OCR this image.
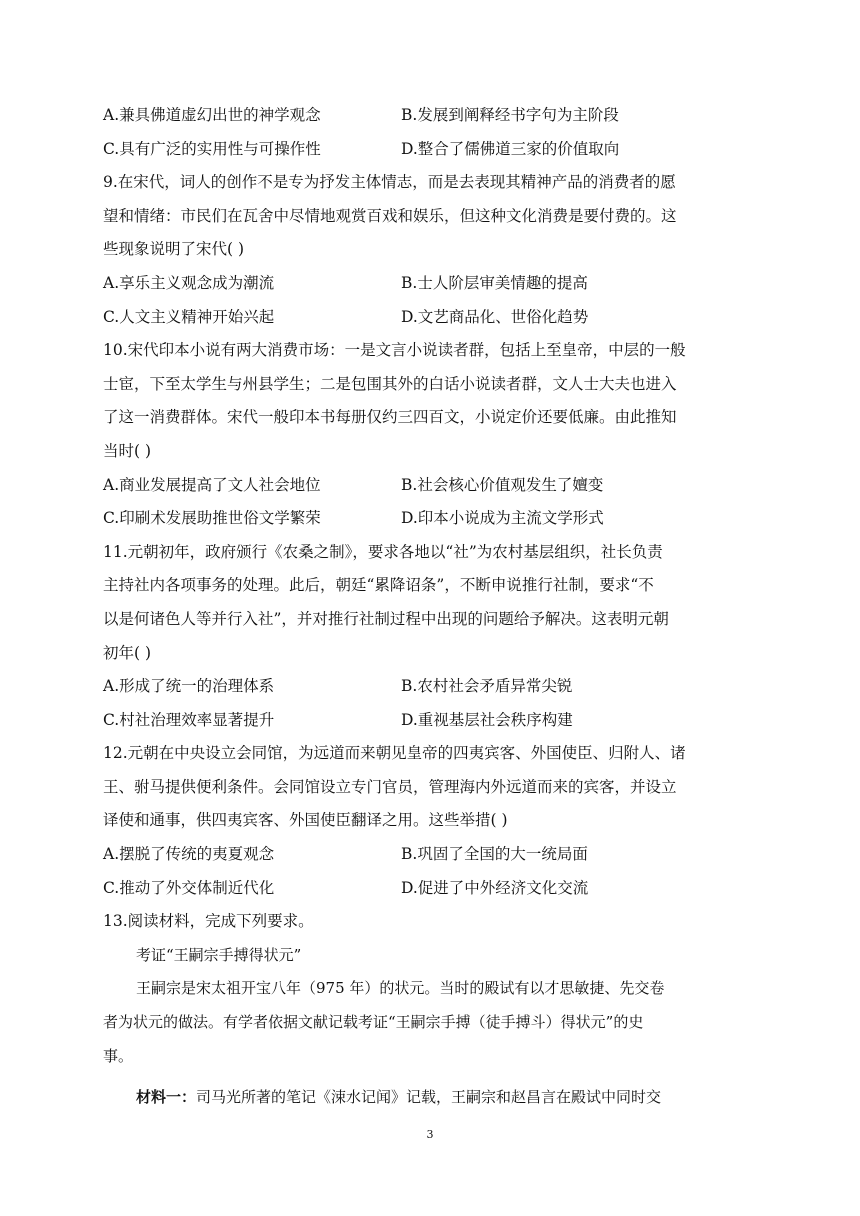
A.兼具佛道虚幻出世的神学观念	B.发展到阐释经书字句为主阶段
C.具有广泛的实用性与可操作性	D.整合了儒佛道三家的价值取向
9.在宋代，词人的创作不是专为抒发主体情志，而是去表现其精神产品的消费者的愿
望和情绪：市民们在瓦舍中尽情地观赏百戏和娱乐，但这种文化消费是要付费的。这
些现象说明了宋代( )
A.享乐主义观念成为潮流	B.士人阶层审美情趣的提高
C.人文主义精神开始兴起	D.文艺商品化、世俗化趋势
10.宋代印本小说有两大消费市场：一是文言小说读者群，包括上至皇帝，中层的一般
士宦，下至太学生与州县学生；二是包围其外的白话小说读者群，文人士大夫也进入
了这一消费群体。宋代一般印本书每册仅约三四百文，小说定价还要低廉。由此推知
当时( )
A.商业发展提高了文人社会地位	B.社会核心价值观发生了嬗变
C.印刷术发展助推世俗文学繁荣	D.印本小说成为主流文学形式
11.元朝初年，政府颁行《农桑之制》，要求各地以“社”为农村基层组织，社长负责
主持社内各项事务的处理。此后，朝廷“累降诏条”，不断申说推行社制，要求“不
以是何诸色人等并行入社”，并对推行社制过程中出现的问题给予解决。这表明元朝
初年( )
A.形成了统一的治理体系	B.农村社会矛盾异常尖锐
C.村社治理效率显著提升	D.重视基层社会秩序构建
12.元朝在中央设立会同馆，为远道而来朝见皇帝的四夷宾客、外国使臣、归附人、诸
王、驸马提供便利条件。会同馆设立专门官员，管理海内外远道而来的宾客，并设立
译使和通事，供四夷宾客、外国使臣翻译之用。这些举措( )
A.摆脱了传统的夷夏观念	B.巩固了全国的大一统局面
C.推动了外交体制近代化	D.促进了中外经济文化交流
13.阅读材料，完成下列要求。
考证“王嗣宗手搏得状元”
王嗣宗是宋太祖开宝八年（975 年）的状元。当时的殿试有以才思敏捷、先交卷
者为状元的做法。有学者依据文献记载考证“王嗣宗手搏（徒手搏斗）得状元”的史
事。
材料一：司马光所著的笔记《涑水记闻》记载，王嗣宗和赵昌言在殿试中同时交
3
